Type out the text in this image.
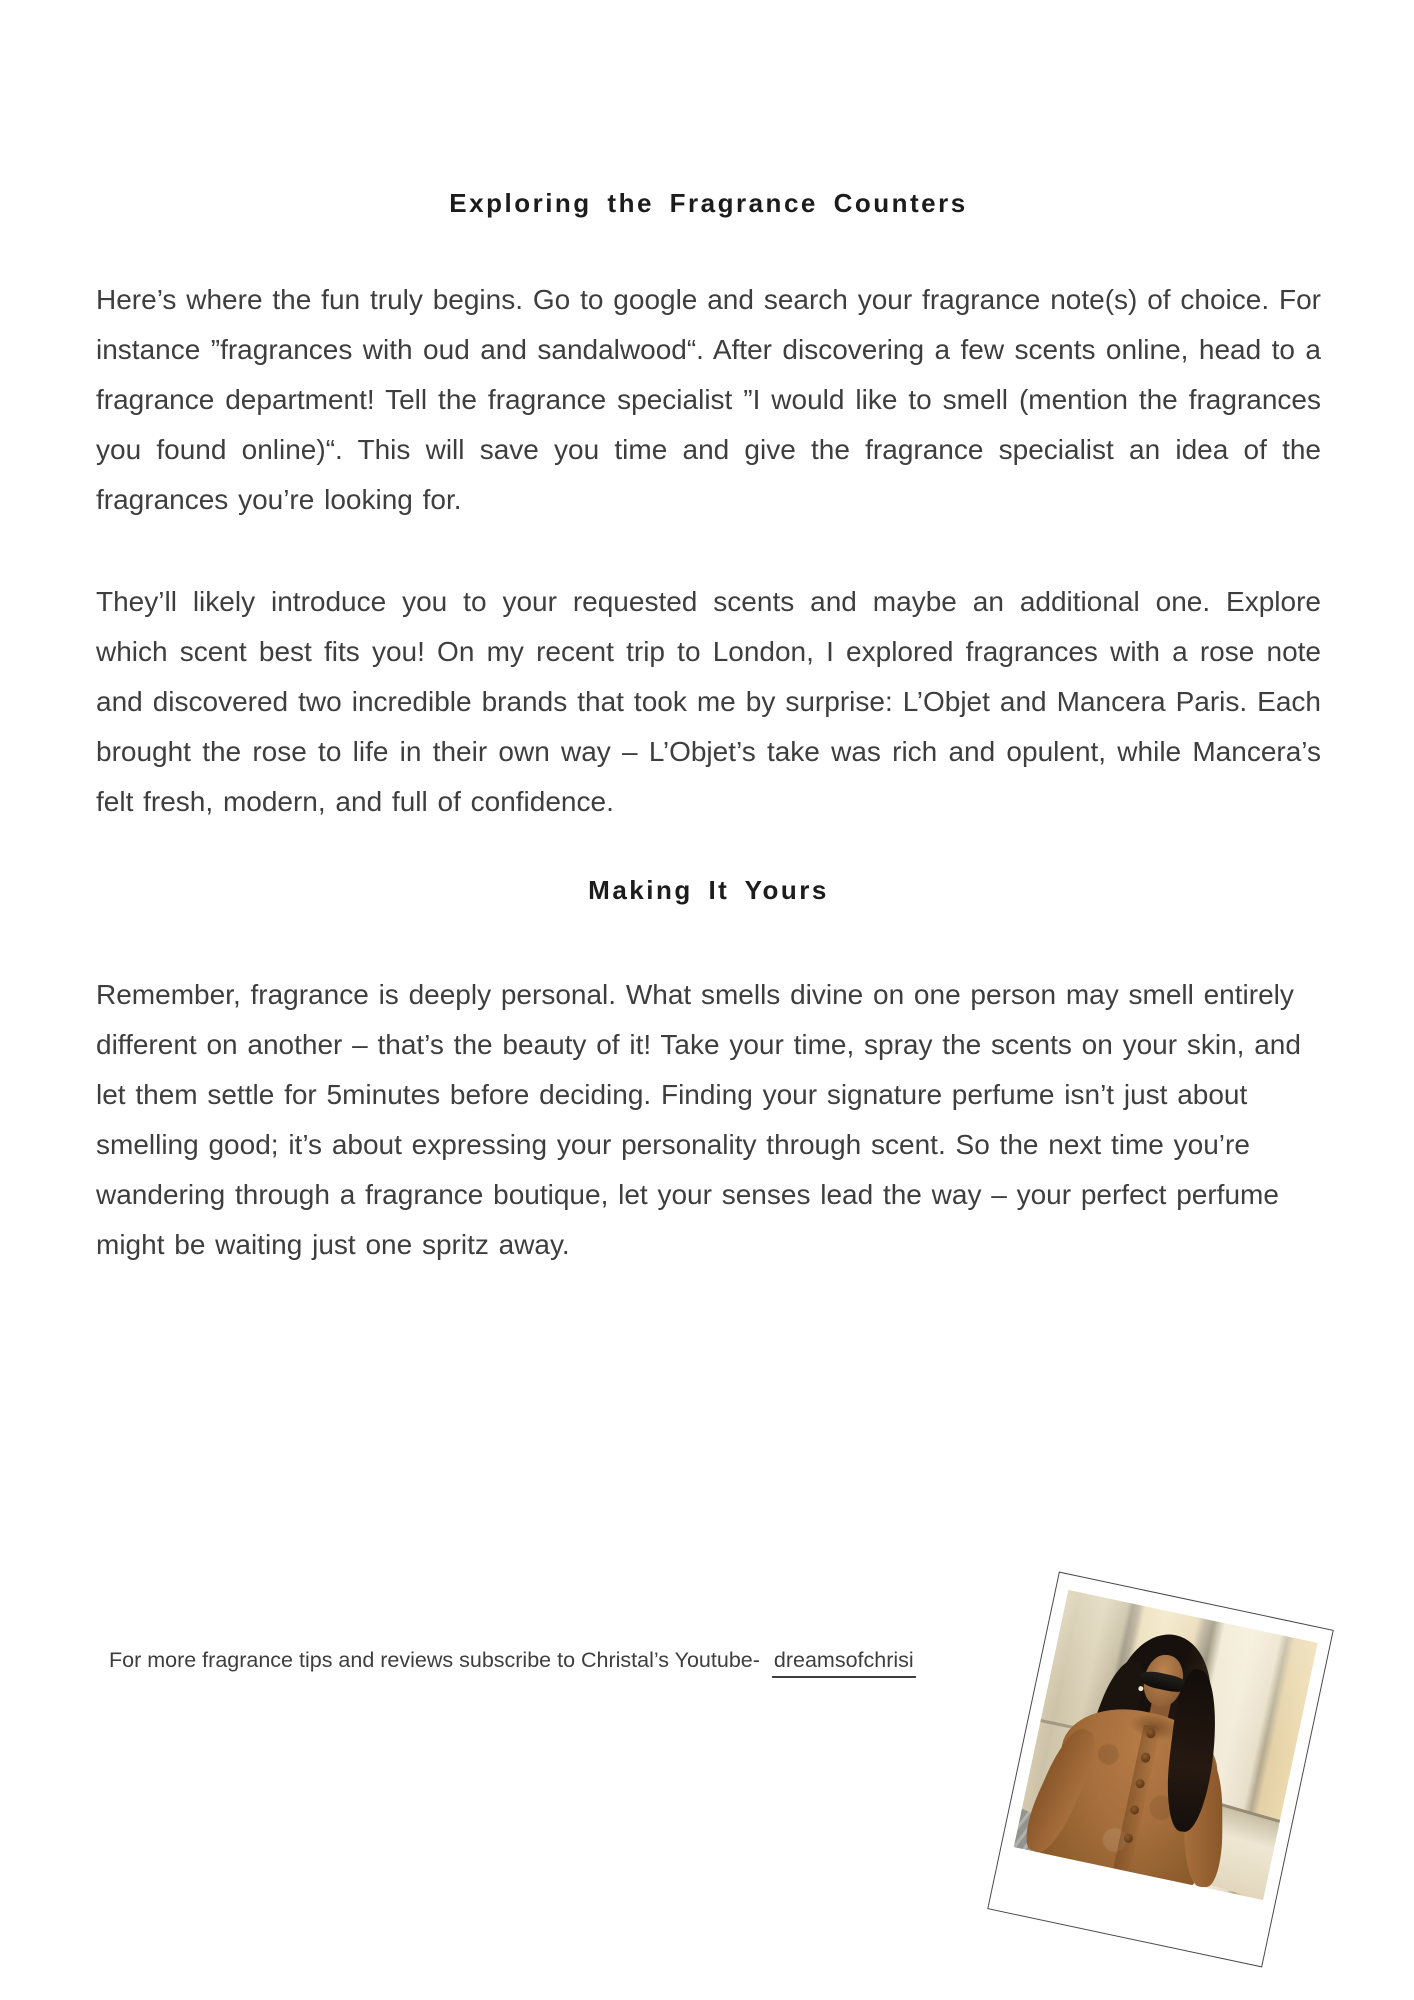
Exploring the Fragrance Counters

Here’s where the fun truly begins. Go to google and search your fragrance note(s) of choice. For instance ”fragrances with oud and sandalwood“. After discovering a few scents online, head to a fragrance department! Tell the fragrance specialist ”I would like to smell (mention the fragrances you found online)“. This will save you time and give the fragrance specialist an idea of the fragrances you’re looking for.

They’ll likely introduce you to your requested scents and maybe an additional one. Explore which scent best fits you! On my recent trip to London, I explored fragrances with a rose note and discovered two incredible brands that took me by surprise: L’Objet and Mancera Paris. Each brought the rose to life in their own way – L’Objet’s take was rich and opulent, while Mancera’s felt fresh, modern, and full of confidence.

Making It Yours

Remember, fragrance is deeply personal. What smells divine on one person may smell entirely different on another – that’s the beauty of it! Take your time, spray the scents on your skin, and let them settle for 5minutes before deciding. Finding your signature perfume isn’t just about smelling good; it’s about expressing your personality through scent. So the next time you’re wandering through a fragrance boutique, let your senses lead the way – your perfect perfume might be waiting just one spritz away.

For more fragrance tips and reviews subscribe to Christal’s Youtube- dreamsofchrisi
